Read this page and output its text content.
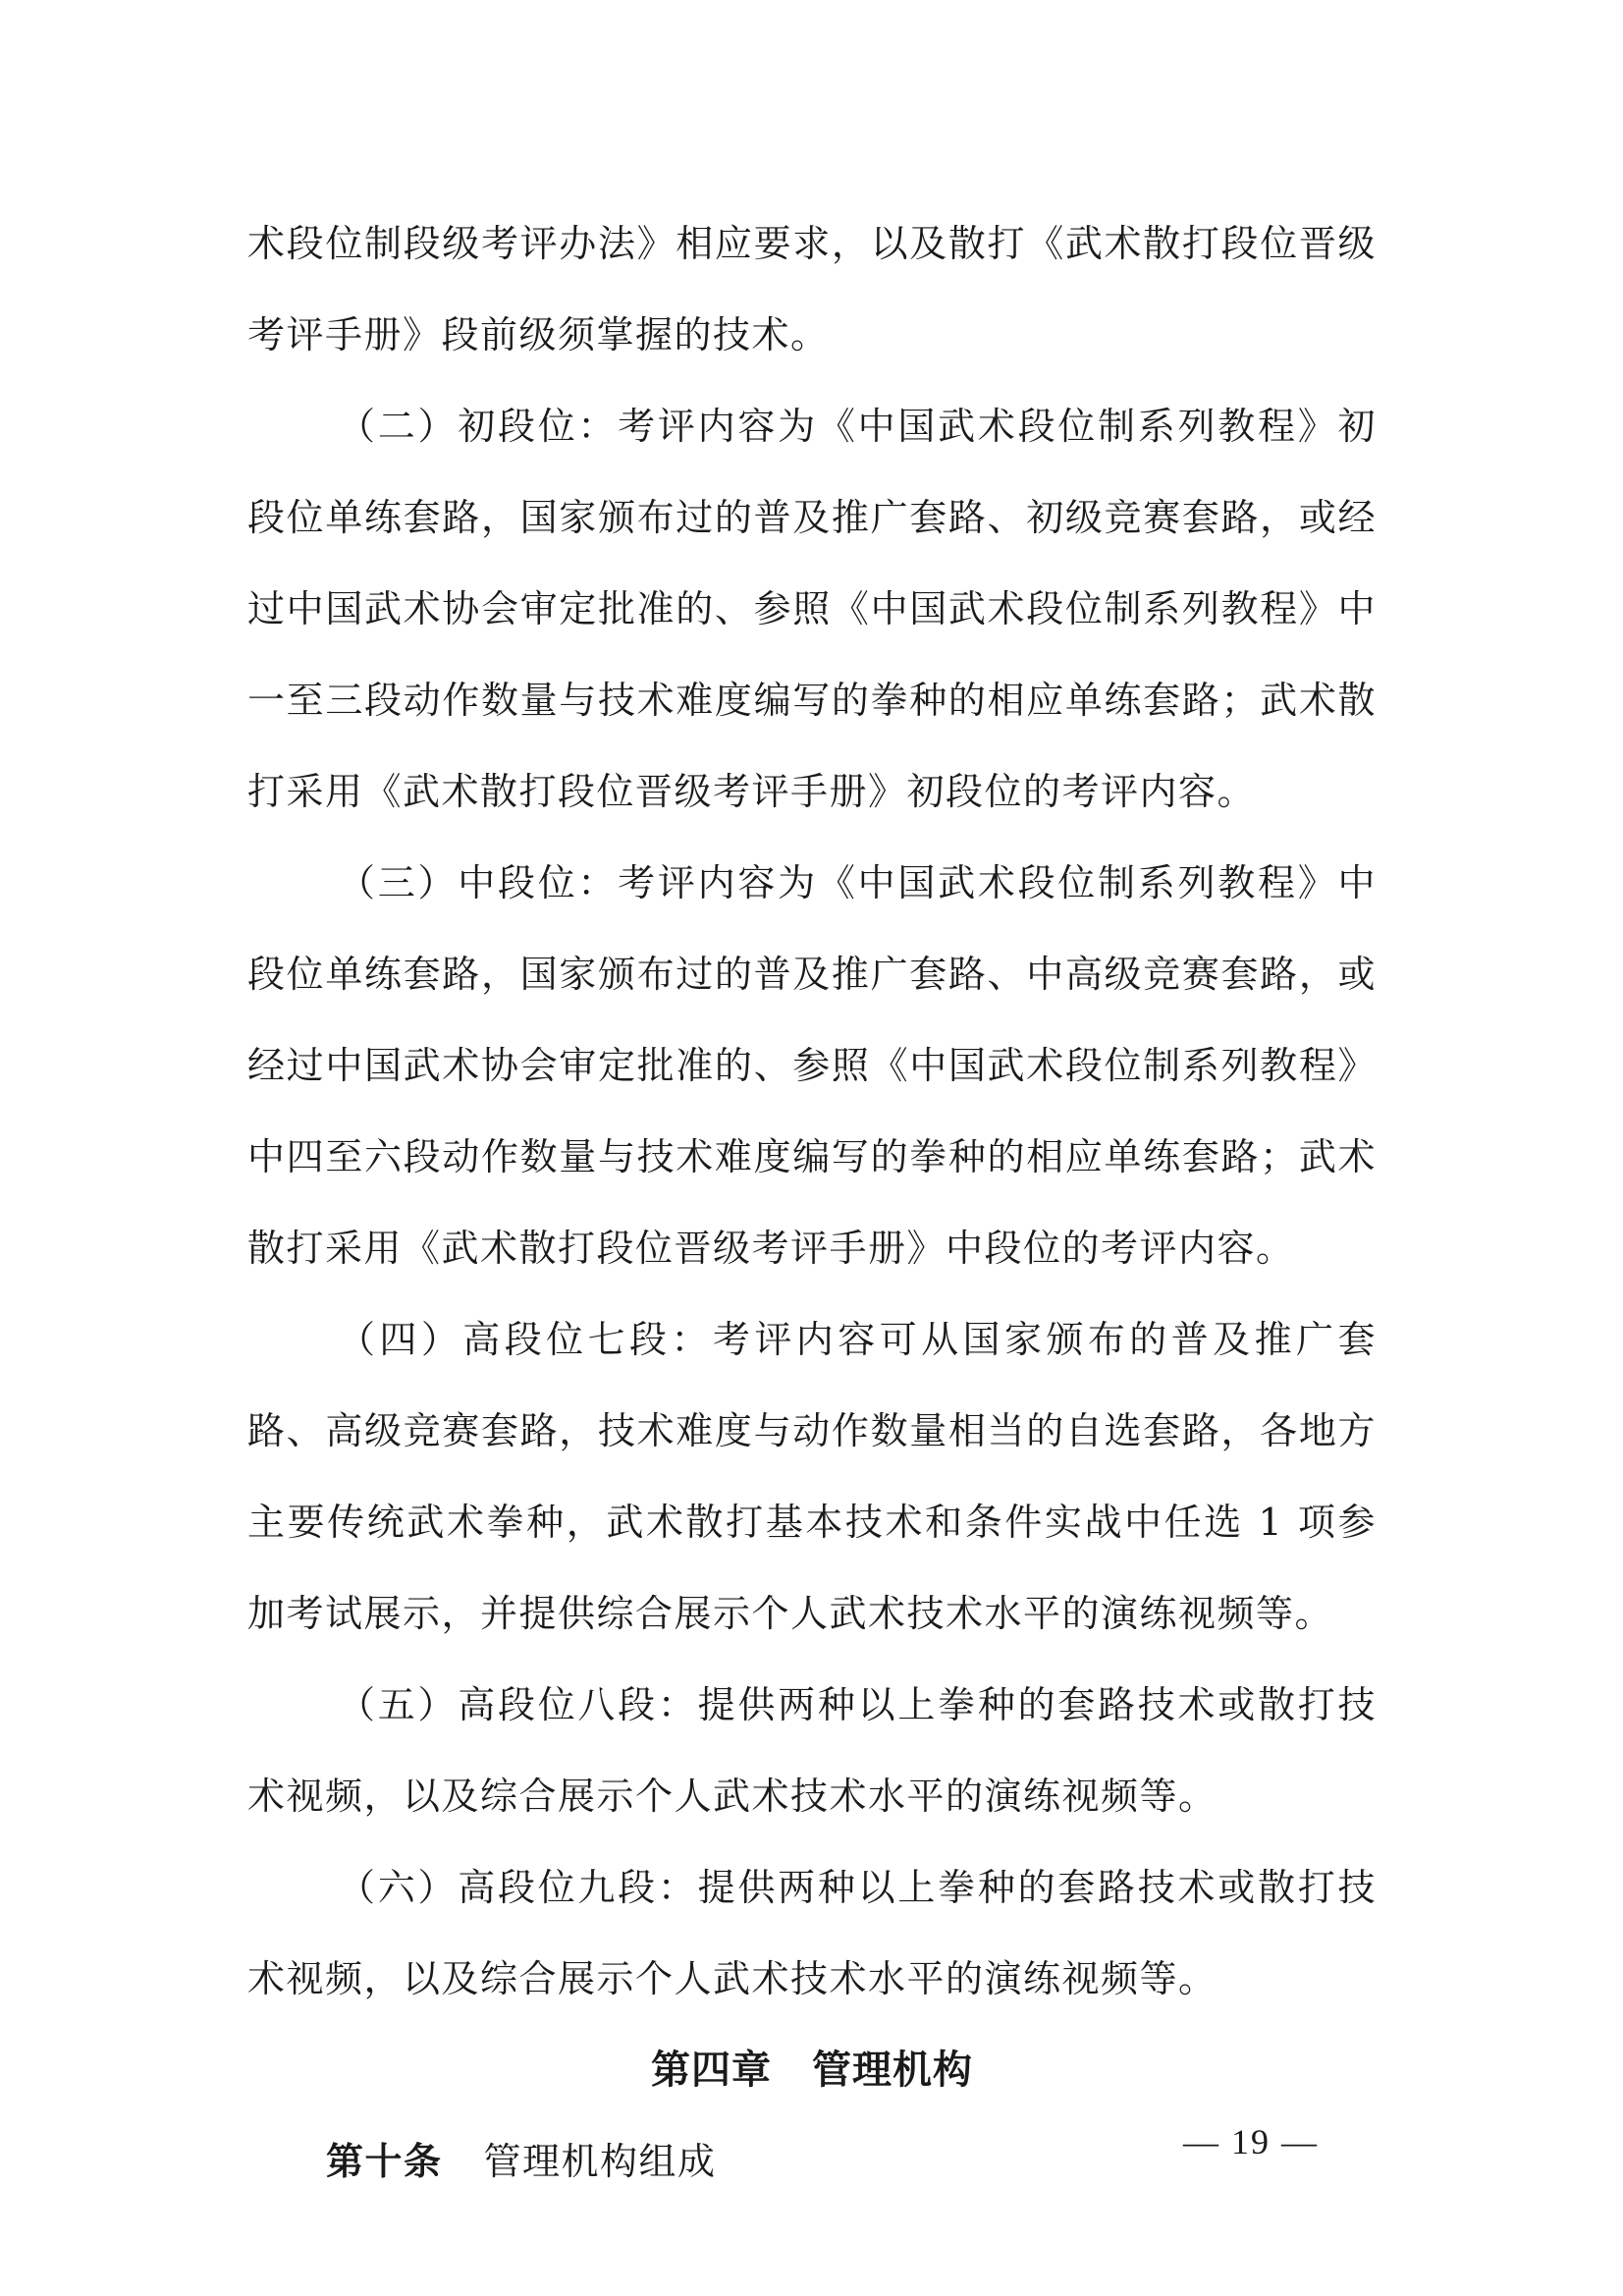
术段位制段级考评办法》相应要求，以及散打《武术散打段位晋级考评手册》段前级须掌握的技术。

（二）初段位：考评内容为《中国武术段位制系列教程》初段位单练套路，国家颁布过的普及推广套路、初级竞赛套路，或经过中国武术协会审定批准的、参照《中国武术段位制系列教程》中一至三段动作数量与技术难度编写的拳种的相应单练套路；武术散打采用《武术散打段位晋级考评手册》初段位的考评内容。

（三）中段位：考评内容为《中国武术段位制系列教程》中段位单练套路，国家颁布过的普及推广套路、中高级竞赛套路，或经过中国武术协会审定批准的、参照《中国武术段位制系列教程》中四至六段动作数量与技术难度编写的拳种的相应单练套路；武术散打采用《武术散打段位晋级考评手册》中段位的考评内容。

（四）高段位七段：考评内容可从国家颁布的普及推广套路、高级竞赛套路，技术难度与动作数量相当的自选套路，各地方主要传统武术拳种，武术散打基本技术和条件实战中任选 1 项参加考试展示，并提供综合展示个人武术技术水平的演练视频等。

（五）高段位八段：提供两种以上拳种的套路技术或散打技术视频，以及综合展示个人武术技术水平的演练视频等。

（六）高段位九段：提供两种以上拳种的套路技术或散打技术视频，以及综合展示个人武术技术水平的演练视频等。

第四章　管理机构

第十条 管理机构组成	— 19 —
